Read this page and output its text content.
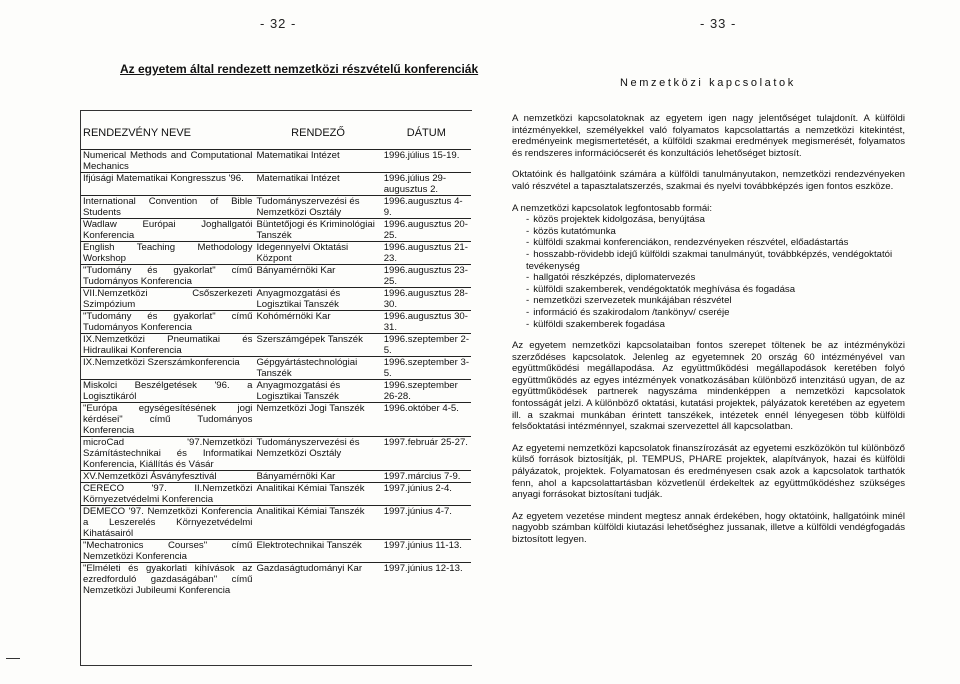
- 32 -	- 33 -
Az egyetem által rendezett nemzetközi részvételű konferenciák
Nemzetközi kapcsolatok
RENDEZVÉNY NEVE	RENDEZŐ	DÁTUM
Numerical Methods and Computational Mechanics	Matematikai Intézet	1996.július 15-19.
Ifjúsági Matematikai Kongresszus '96.	Matematikai Intézet	1996.július 29-augusztus 2.
International Convention of Bible Students	Tudományszervezési és Nemzetközi Osztály	1996.augusztus 4-9.
Wadlaw Európai Joghallgatói Konferencia	Büntetőjogi és Kriminológiai Tanszék	1996.augusztus 20-25.
English Teaching Methodology Workshop	Idegennyelvi Oktatási Központ	1996.augusztus 21-23.
"Tudomány és gyakorlat" című Tudományos Konferencia	Bányamérnöki Kar	1996.augusztus 23-25.
VII.Nemzetközi Csőszerkezeti Szimpózium	Anyagmozgatási és Logisztikai Tanszék	1996.augusztus 28-30.
"Tudomány és gyakorlat" című Tudományos Konferencia	Kohómérnöki Kar	1996.augusztus 30-31.
IX.Nemzetközi Pneumatikai és Hidraulikai Konferencia	Szerszámgépek Tanszék	1996.szeptember 2-5.
IX.Nemzetközi Szerszámkonferencia	Gépgyártástechnológiai Tanszék	1996.szeptember 3-5.
Miskolci Beszélgetések '96. a Logisztikáról	Anyagmozgatási és Logisztikai Tanszék	1996.szeptember 26-28.
"Európa egységesítésének jogi kérdései" című Tudományos Konferencia	Nemzetközi Jogi Tanszék	1996.október 4-5.
microCad '97.Nemzetközi Számítástechnikai és Informatikai Konferencia, Kiállítás és Vásár	Tudományszervezési és Nemzetközi Osztály	1997.február 25-27.
XV.Nemzetközi Ásványfesztivál	Bányamérnöki Kar	1997.március 7-9.
CERECO '97. II.Nemzetközi Környezetvédelmi Konferencia	Analitikai Kémiai Tanszék	1997.június 2-4.
DEMECO '97. Nemzetközi Konferencia a Leszerelés Környezetvédelmi Kihatásairól	Analitikai Kémiai Tanszék	1997.június 4-7.
"Mechatronics Courses" című Nemzetközi Konferencia	Elektrotechnikai Tanszék	1997.június 11-13.
"Elméleti és gyakorlati kihívások az ezredforduló gazdaságában" című Nemzetközi Jubileumi Konferencia	Gazdaságtudományi Kar	1997.június 12-13.

A nemzetközi kapcsolatoknak az egyetem igen nagy jelentőséget tulajdonít. A külföldi intézményekkel, személyekkel való folyamatos kapcsolattartás a nemzetközi kitekintést, eredményeink megismertetését, a külföldi szakmai eredmények megismerését, folyamatos és rendszeres információcserét és konzultációs lehetőséget biztosít.

Oktatóink és hallgatóink számára a külföldi tanulmányutakon, nemzetközi rendezvényeken való részvétel a tapasztalatszerzés, szakmai és nyelvi továbbképzés igen fontos eszköze.

A nemzetközi kapcsolatok legfontosabb formái:

- közös projektek kidolgozása, benyújtása
- közös kutatómunka
- külföldi szakmai konferenciákon, rendezvényeken részvétel, előadástartás
- hosszabb-rövidebb idejű külföldi szakmai tanulmányút, továbbképzés, vendégoktatói tevékenység
- hallgatói részképzés, diplomatervezés
- külföldi szakemberek, vendégoktatók meghívása és fogadása
- nemzetközi szervezetek munkájában részvétel
- információ és szakirodalom /tankönyv/ cseréje
- külföldi szakemberek fogadása

Az egyetem nemzetközi kapcsolataiban fontos szerepet töltenek be az intézményközi szerződéses kapcsolatok. Jelenleg az egyetemnek 20 ország 60 intézményével van együttműködési megállapodása. Az együttműködési megállapodások keretében folyó együttműködés az egyes intézmények vonatkozásában különböző intenzitású ugyan, de az együttműködések partnerek nagyszáma mindenképpen a nemzetközi kapcsolatok fontosságát jelzi. A különböző oktatási, kutatási projektek, pályázatok keretében az egyetem ill. a szakmai munkában érintett tanszékek, intézetek ennél lényegesen több külföldi felsőoktatási intézménnyel, szakmai szervezettel áll kapcsolatban.

Az egyetemi nemzetközi kapcsolatok finanszírozását az egyetemi eszközökön tul különböző külső források biztosítják, pl. TEMPUS, PHARE projektek, alapítványok, hazai és külföldi pályázatok, projektek. Folyamatosan és eredményesen csak azok a kapcsolatok tarthatók fenn, ahol a kapcsolattartásban közvetlenül érdekeltek az együttműködéshez szükséges anyagi forrásokat biztosítani tudják.

Az egyetem vezetése mindent megtesz annak érdekében, hogy oktatóink, hallgatóink minél nagyobb számban külföldi kiutazási lehetőséghez jussanak, illetve a külföldi vendégfogadás biztosított legyen.
